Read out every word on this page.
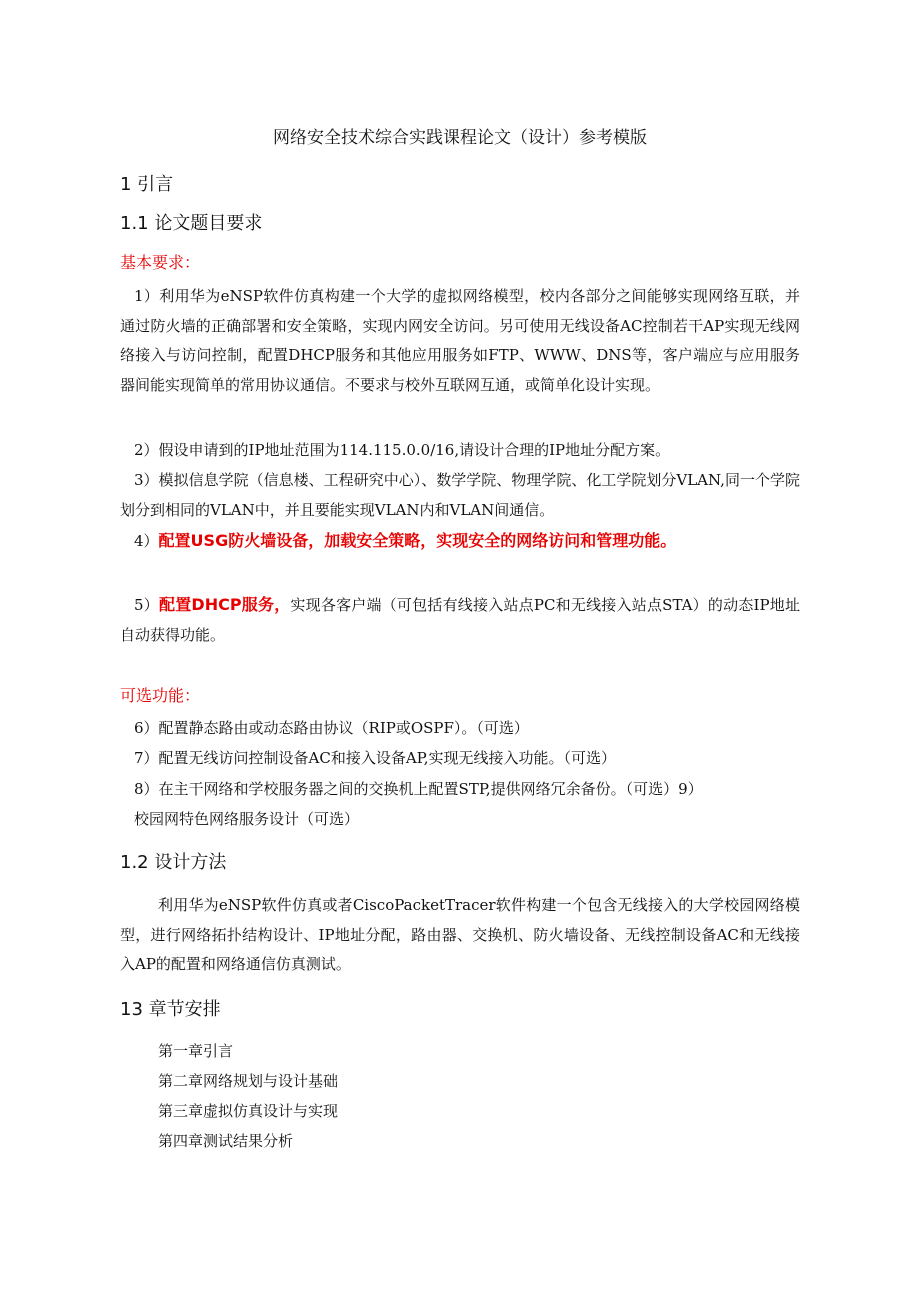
网络安全技术综合实践课程论文（设计）参考模版
1 引言
1.1 论文题目要求
基本要求：
1）利用华为eNSP软件仿真构建一个大学的虚拟网络模型，校内各部分之间能够实现网络互联，并通过防火墙的正确部署和安全策略，实现内网安全访问。另可使用无线设备AC控制若干AP实现无线网络接入与访问控制，配置DHCP服务和其他应用服务如FTP、WWW、DNS等，客户端应与应用服务器间能实现简单的常用协议通信。不要求与校外互联网互通，或简单化设计实现。
2）假设申请到的IP地址范围为114.115.0.0/16,请设计合理的IP地址分配方案。
3）模拟信息学院（信息楼、工程研究中心）、数学学院、物理学院、化工学院划分VLAN,同一个学院划分到相同的VLAN中，并且要能实现VLAN内和VLAN间通信。
4）配置USG防火墙设备，加载安全策略，实现安全的网络访问和管理功能。
5）配置DHCP服务，实现各客户端（可包括有线接入站点PC和无线接入站点STA）的动态IP地址自动获得功能。
可选功能：
6）配置静态路由或动态路由协议（RIP或OSPF）。（可选）
7）配置无线访问控制设备AC和接入设备AP,实现无线接入功能。（可选）
8）在主干网络和学校服务器之间的交换机上配置STP,提供网络冗余备份。（可选）9）
校园网特色网络服务设计（可选）
1.2 设计方法
利用华为eNSP软件仿真或者CiscoPacketTracer软件构建一个包含无线接入的大学校园网络模型，进行网络拓扑结构设计、IP地址分配，路由器、交换机、防火墙设备、无线控制设备AC和无线接入AP的配置和网络通信仿真测试。
13 章节安排
第一章引言
第二章网络规划与设计基础
第三章虚拟仿真设计与实现
第四章测试结果分析
